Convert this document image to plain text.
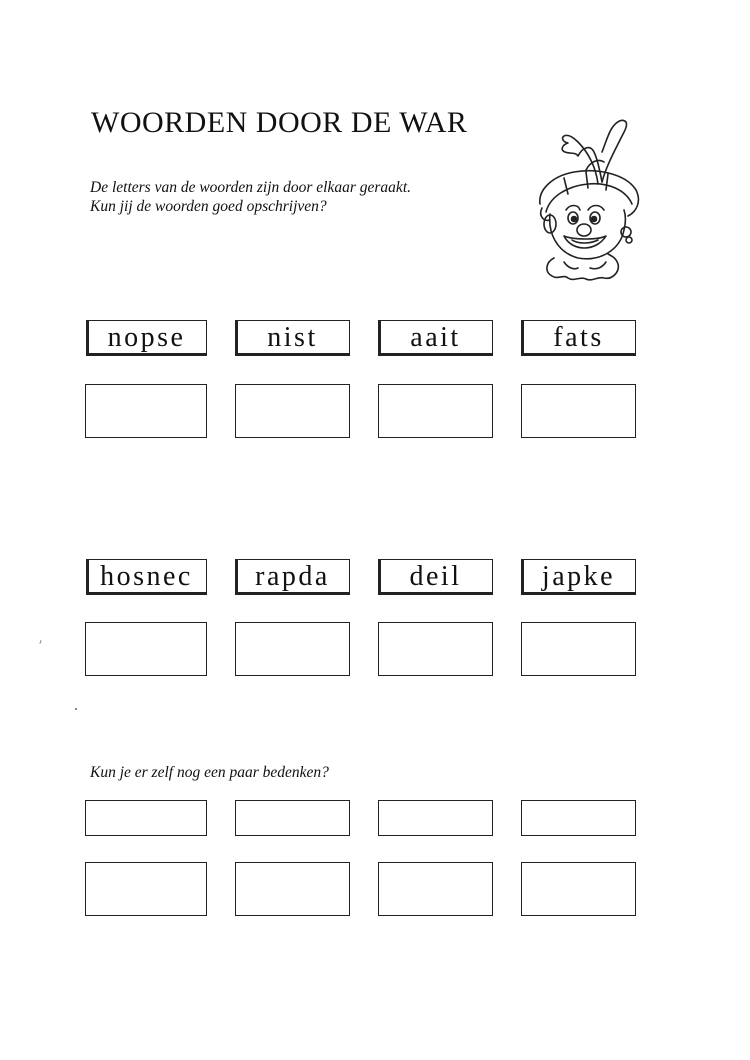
WOORDEN DOOR DE WAR
De letters van de woorden zijn door elkaar geraakt.
Kun jij de woorden goed opschrijven?
nopse	nist	aait	fats
hosnec	rapda	deil	japke
Kun je er zelf nog een paar bedenken?
